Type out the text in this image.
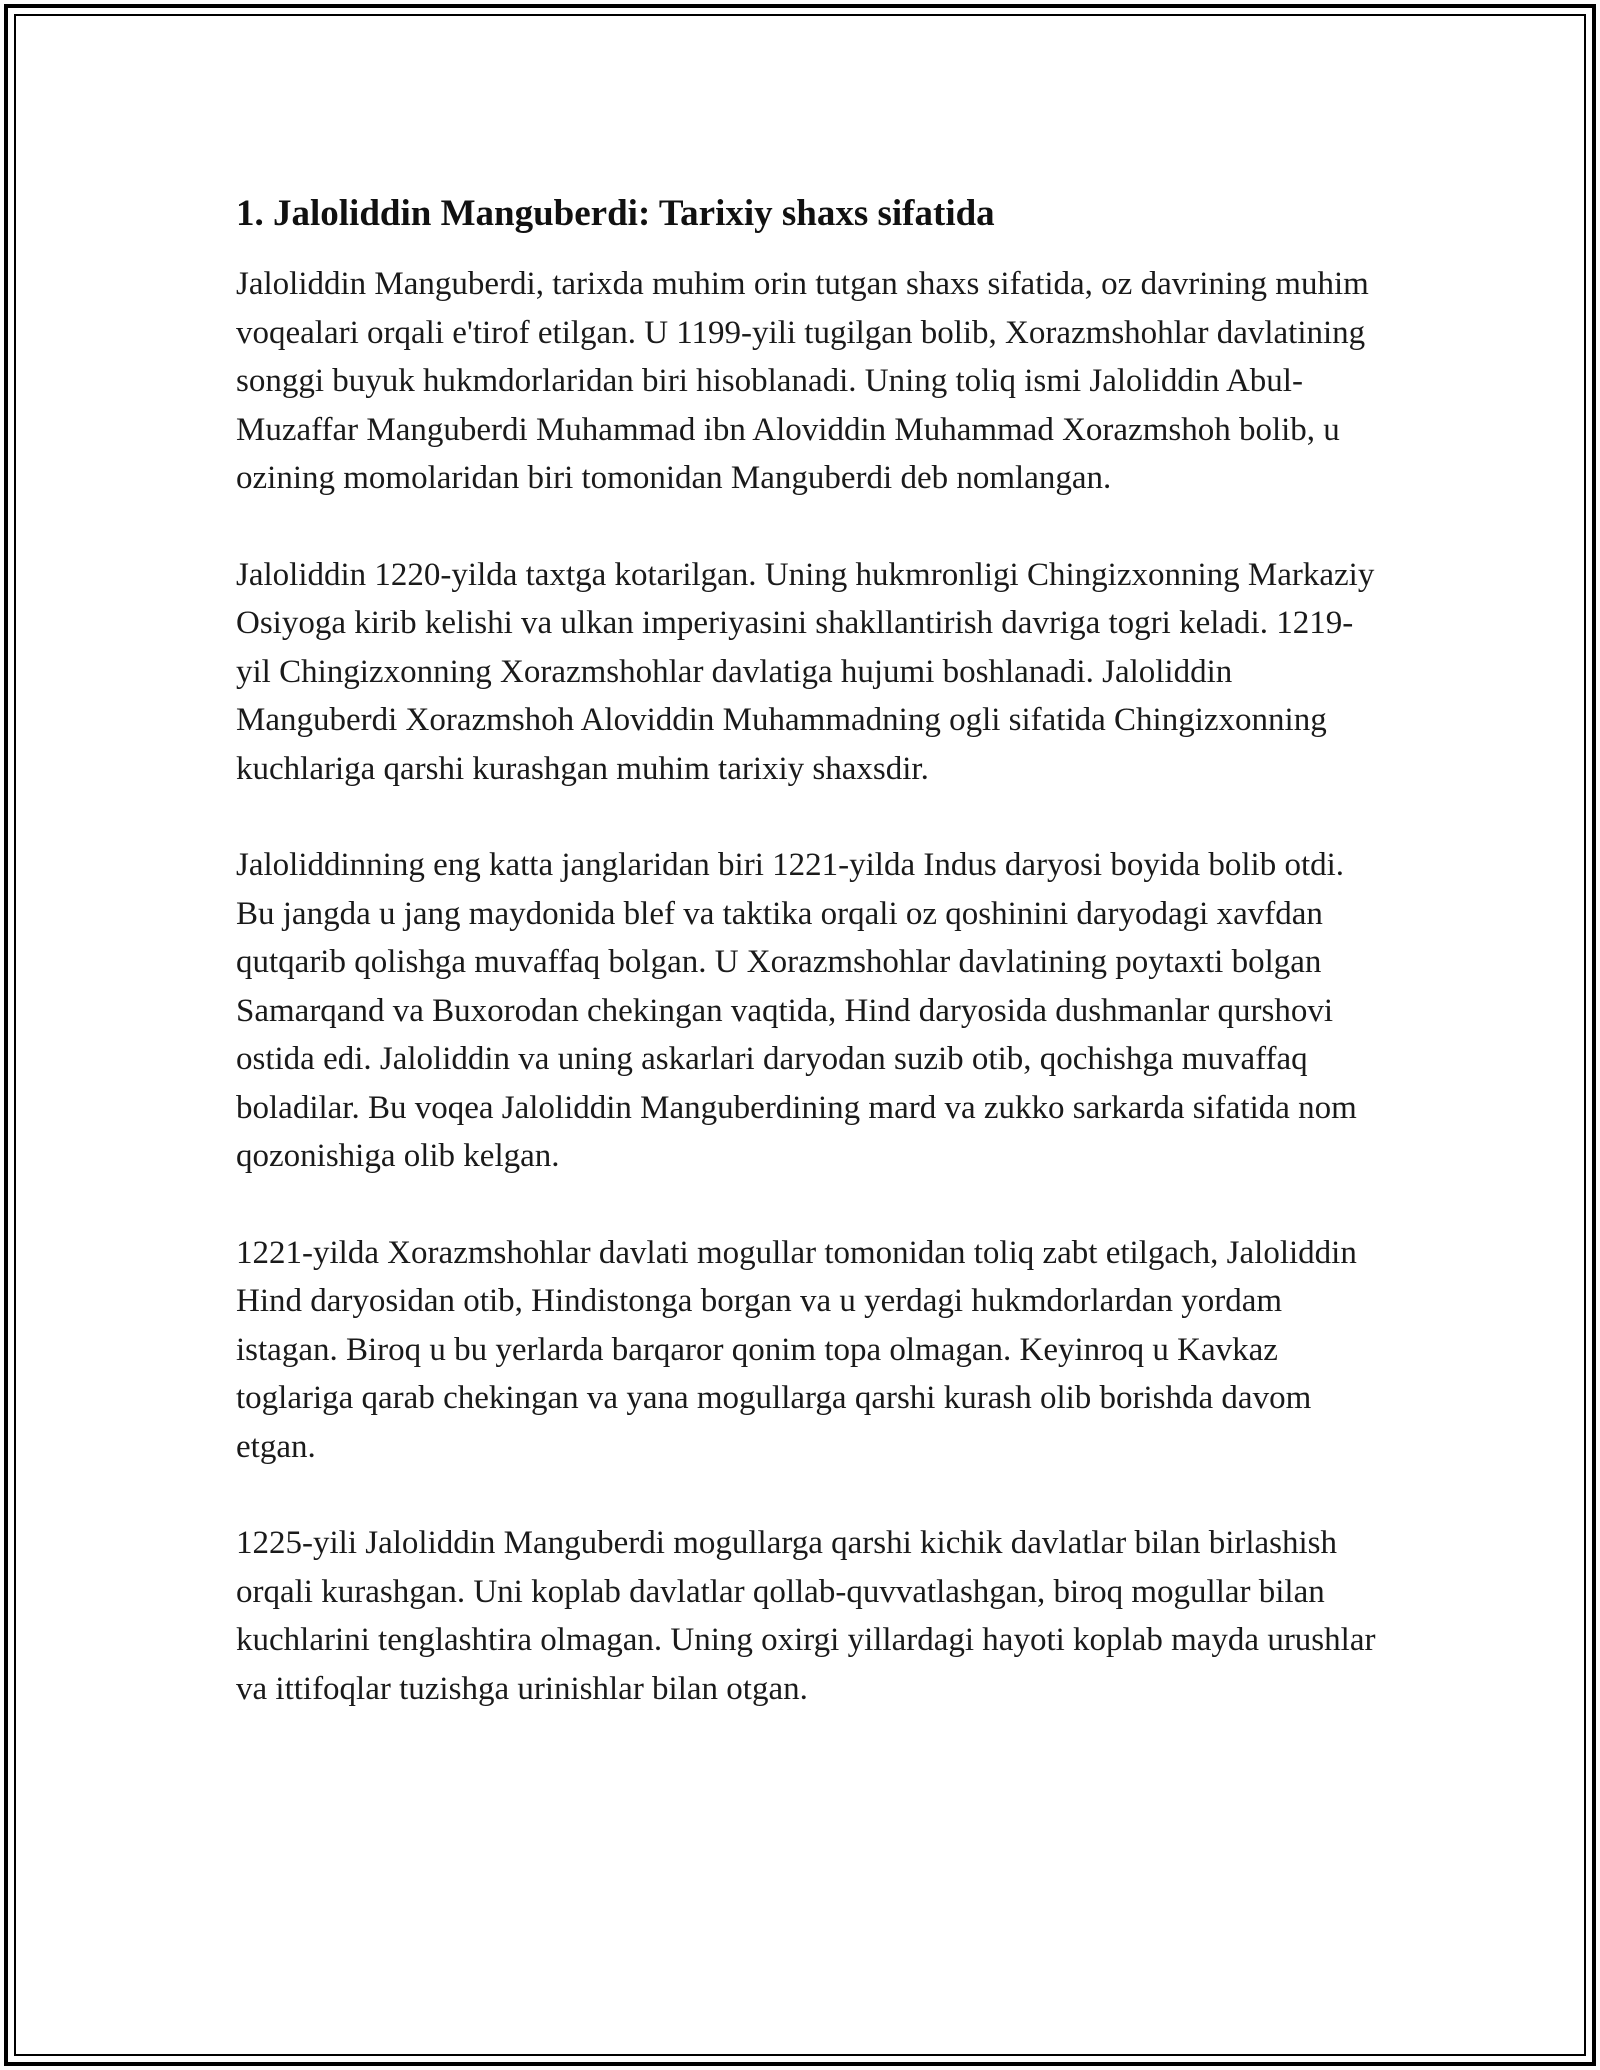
1. Jaloliddin Manguberdi: Tarixiy shaxs sifatida

Jaloliddin Manguberdi, tarixda muhim orin tutgan shaxs sifatida, oz davrining muhim voqealari orqali e'tirof etilgan. U 1199-yili tugilgan bolib, Xorazmshohlar davlatining songgi buyuk hukmdorlaridan biri hisoblanadi. Uning toliq ismi Jaloliddin Abul-Muzaffar Manguberdi Muhammad ibn Aloviddin Muhammad Xorazmshoh bolib, u ozining momolaridan biri tomonidan Manguberdi deb nomlangan.

Jaloliddin 1220-yilda taxtga kotarilgan. Uning hukmronligi Chingizxonning Markaziy Osiyoga kirib kelishi va ulkan imperiyasini shakllantirish davriga togri keladi. 1219-yil Chingizxonning Xorazmshohlar davlatiga hujumi boshlanadi. Jaloliddin Manguberdi Xorazmshoh Aloviddin Muhammadning ogli sifatida Chingizxonning kuchlariga qarshi kurashgan muhim tarixiy shaxsdir.

Jaloliddinning eng katta janglaridan biri 1221-yilda Indus daryosi boyida bolib otdi. Bu jangda u jang maydonida blef va taktika orqali oz qoshinini daryodagi xavfdan qutqarib qolishga muvaffaq bolgan. U Xorazmshohlar davlatining poytaxti bolgan Samarqand va Buxorodan chekingan vaqtida, Hind daryosida dushmanlar qurshovi ostida edi. Jaloliddin va uning askarlari daryodan suzib otib, qochishga muvaffaq boladilar. Bu voqea Jaloliddin Manguberdining mard va zukko sarkarda sifatida nom qozonishiga olib kelgan.

1221-yilda Xorazmshohlar davlati mogullar tomonidan toliq zabt etilgach, Jaloliddin Hind daryosidan otib, Hindistonga borgan va u yerdagi hukmdorlardan yordam istagan. Biroq u bu yerlarda barqaror qonim topa olmagan. Keyinroq u Kavkaz toglariga qarab chekingan va yana mogullarga qarshi kurash olib borishda davom etgan.

1225-yili Jaloliddin Manguberdi mogullarga qarshi kichik davlatlar bilan birlashish orqali kurashgan. Uni koplab davlatlar qollab-quvvatlashgan, biroq mogullar bilan kuchlarini tenglashtira olmagan. Uning oxirgi yillardagi hayoti koplab mayda urushlar va ittifoqlar tuzishga urinishlar bilan otgan.
